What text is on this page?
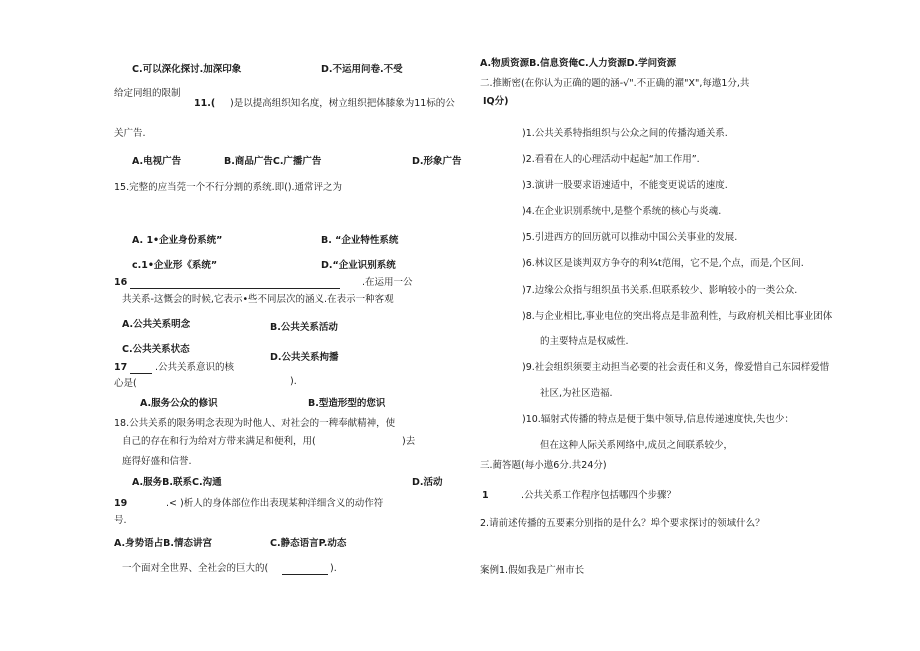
C.可以深化探讨.加深印象	D.不运用问卷.不受
给定同组的限制
11.( )是以提高组织知名度，树立组织把体膝象为11标的公
关广告.
A.电视广告	B.商品广告C.广播广告	D.形象广告
15.完整的应当莞一个不行分割的系统.即().通常评之为
A. 1•企业身份系统”	B. “企业特性系统
c.1•企业形《系统”	D.“企业识别系统
16	.在运用一公
共关系-这慨会的时候,它表示•些不同层次的涵义.在表示一种客观
A.公共关系明念	B.公共关系活动
C.公共关系状态
D.公共关系拘播
17	.公共关系意识的核
心是(	).
A.服务公众的修识	B.型造形型的您识
18.公共关系的限务明念表现为时他人、对社会的一稗奉献精神，使
自己的存在和行为给对方带来满足和便利，用(	)去
庭得好盛和信誉.
A.服务B.联系C.沟通	D.活动
19	.< )析人的身体部位作出表现某种洋细含义的动作符
号.
A.身势语占B.情态讲宫	C.静态语言P.动态
一个面对全世界、全社会的巨大的(	).
A.物质资源B.信息资俺C.人力资源D.学问资源
二.推断密(在你认为正确的题的涵-√".不正确的濯"X",每遨1分,共
IQ分)
)1.公共关系特指组织与公众之间的传播沟通关系.
)2.看看在人的心理活动中起起“加工作用”.
)3.演讲一股要求语速适中，不能变更说话的速度.
)4.在企业识别系统中,是整个系统的核心与炎魂.
)5.引进西方的回历就可以推动中国公关事业的发展.
)6.林议区是谈判双方争夺的利¾t范闱，它不是,个点，而是,个区间.
)7.边缘公众指与组织虽书关系.但联系较少、影响较小的一类公众.
)8.与企业相比,事业电位的突出将点是非盈利性，与政府机关相比事业团体
的主要特点是权威性.
)9.社会组织须要主动担当必要的社会责任和义务，像爱惜自己东园样爱惜
社区,为社区造福.
)10.辐射式传播的特点是便于集中领导,信息传递速度快,失也少：
但在这种人际关系网络中,成员之间联系较少，
三.蔺答题(每小遨6分.共24分)
1	.公共关系工作程序包括哪四个步骤？
2.请前述传播的五要素分别指的是什么？埠个要求探讨的领域什么？
案例1.假如我是广州市长
